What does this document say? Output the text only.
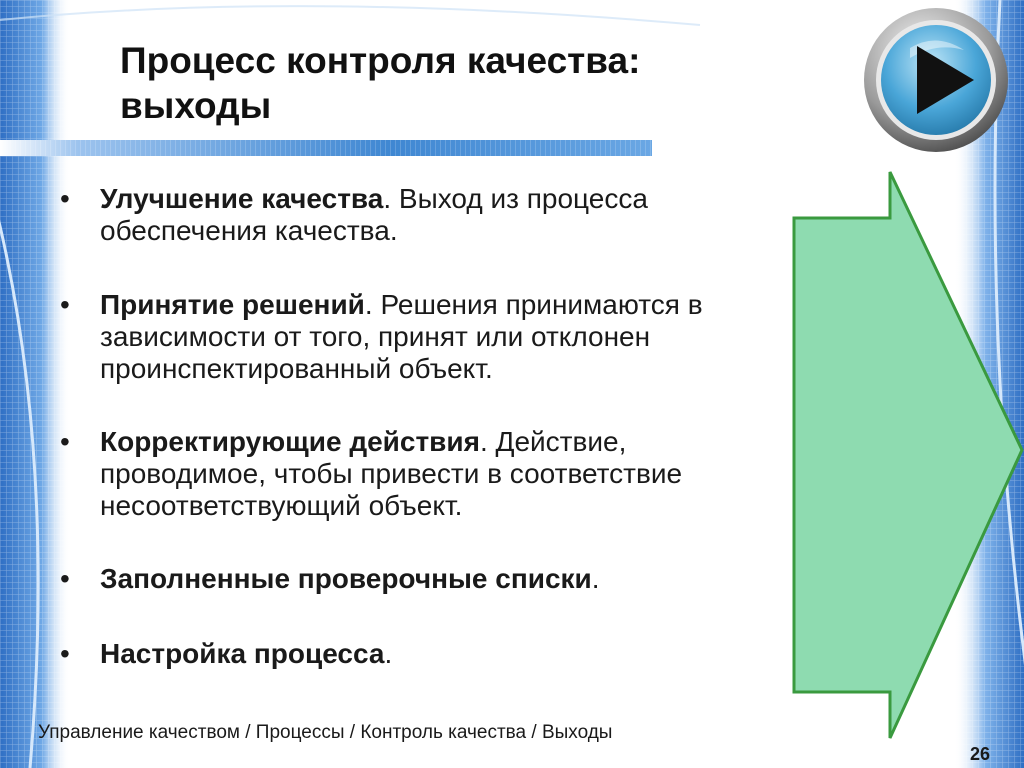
Процесс контроля качества:
выходы
•	Улучшение качества. Выход из процесса обеспечения качества.
•	Принятие решений. Решения принимаются в зависимости от того, принят или отклонен проинспектированный объект.
•	Корректирующие действия. Действие, проводимое, чтобы привести в соответствие несоответствующий объект.
•	Заполненные проверочные списки.
•	Настройка процесса.
Управление качеством / Процессы / Контроль качества / Выходы
26
